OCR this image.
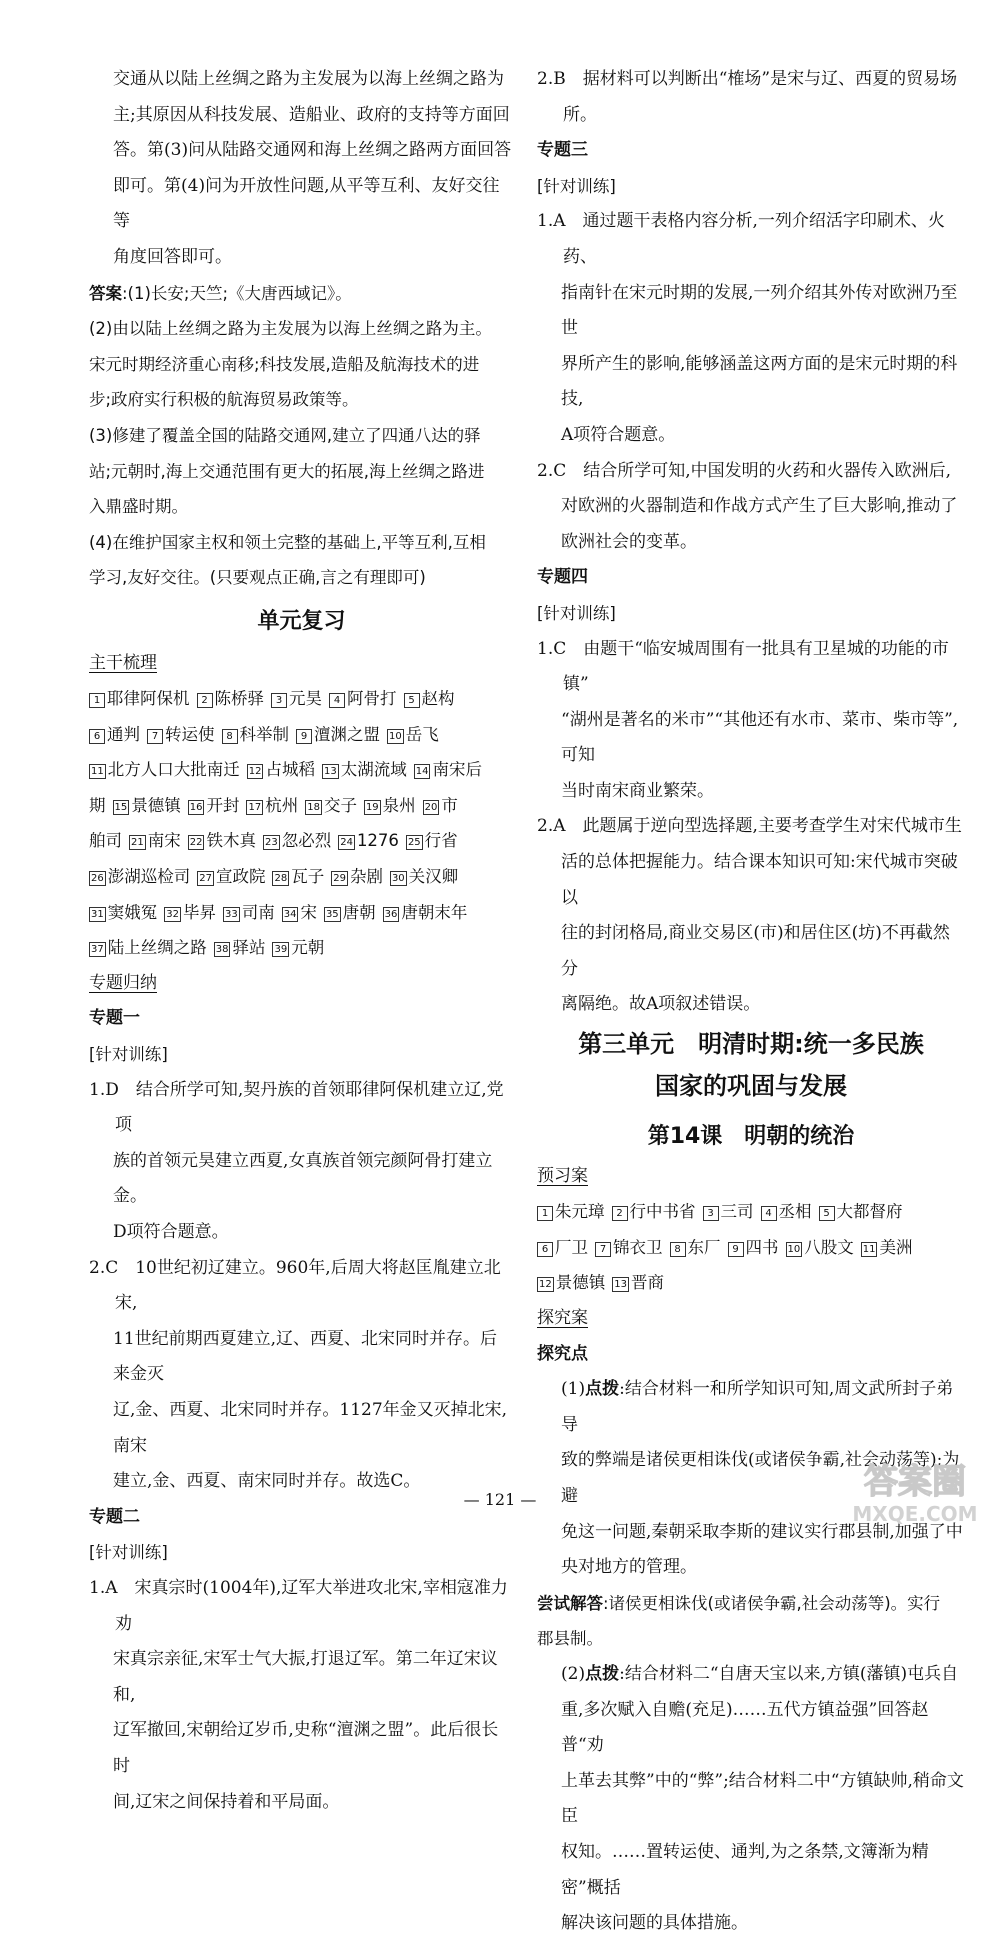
交通从以陆上丝绸之路为主发展为以海上丝绸之路为

主;其原因从科技发展、造船业、政府的支持等方面回

答。第(3)问从陆路交通网和海上丝绸之路两方面回答

即可。第(4)问为开放性问题,从平等互利、友好交往等

角度回答即可。

答案:(1)长安;天竺;《大唐西域记》。

(2)由以陆上丝绸之路为主发展为以海上丝绸之路为主。

宋元时期经济重心南移;科技发展,造船及航海技术的进

步;政府实行积极的航海贸易政策等。

(3)修建了覆盖全国的陆路交通网,建立了四通八达的驿

站;元朝时,海上交通范围有更大的拓展,海上丝绸之路进

入鼎盛时期。

(4)在维护国家主权和领土完整的基础上,平等互利,互相

学习,友好交往。(只要观点正确,言之有理即可)

单元复习

主干梳理

1 耶律阿保机 2 陈桥驿 3 元昊 4 阿骨打 5 赵构

6 通判 7 转运使 8 科举制 9 澶渊之盟 10 岳飞

11 北方人口大批南迁 12 占城稻 13 太湖流域 14 南宋后

期 15 景德镇 16 开封 17 杭州 18 交子 19 泉州 20 市

舶司 21 南宋 22 铁木真 23 忽必烈 24 1276 25 行省

26 澎湖巡检司 27 宣政院 28 瓦子 29 杂剧 30 关汉卿

31 窦娥冤 32 毕昇 33 司南 34 宋 35 唐朝 36 唐朝末年

37 陆上丝绸之路 38 驿站 39 元朝

专题归纳

专题一

[针对训练]

1.D　结合所学可知,契丹族的首领耶律阿保机建立辽,党项

族的首领元昊建立西夏,女真族首领完颜阿骨打建立金。

D项符合题意。

2.C　10世纪初辽建立。960年,后周大将赵匡胤建立北宋,

11世纪前期西夏建立,辽、西夏、北宋同时并存。后来金灭

辽,金、西夏、北宋同时并存。1127年金又灭掉北宋,南宋

建立,金、西夏、南宋同时并存。故选C。

专题二

[针对训练]

1.A　宋真宗时(1004年),辽军大举进攻北宋,宰相寇准力劝

宋真宗亲征,宋军士气大振,打退辽军。第二年辽宋议和,

辽军撤回,宋朝给辽岁币,史称“澶渊之盟”。此后很长时

间,辽宋之间保持着和平局面。

2.B　据材料可以判断出“榷场”是宋与辽、西夏的贸易场所。

专题三

[针对训练]

1.A　通过题干表格内容分析,一列介绍活字印刷术、火药、

指南针在宋元时期的发展,一列介绍其外传对欧洲乃至世

界所产生的影响,能够涵盖这两方面的是宋元时期的科技,

A项符合题意。

2.C　结合所学可知,中国发明的火药和火器传入欧洲后,

对欧洲的火器制造和作战方式产生了巨大影响,推动了

欧洲社会的变革。

专题四

[针对训练]

1.C　由题干“临安城周围有一批具有卫星城的功能的市镇”

“湖州是著名的米市”“其他还有水市、菜市、柴市等”,可知

当时南宋商业繁荣。

2.A　此题属于逆向型选择题,主要考查学生对宋代城市生

活的总体把握能力。结合课本知识可知:宋代城市突破以

往的封闭格局,商业交易区(市)和居住区(坊)不再截然分

离隔绝。故A项叙述错误。

第三单元　明清时期:统一多民族

国家的巩固与发展

第14课　明朝的统治

预习案

1 朱元璋 2 行中书省 3 三司 4 丞相 5 大都督府

6 厂卫 7 锦衣卫 8 东厂 9 四书 10 八股文 11 美洲

12 景德镇 13 晋商

探究案

探究点

(1)点拨:结合材料一和所学知识可知,周文武所封子弟导

致的弊端是诸侯更相诛伐(或诸侯争霸,社会动荡等);为避

免这一问题,秦朝采取李斯的建议实行郡县制,加强了中

央对地方的管理。

尝试解答:诸侯更相诛伐(或诸侯争霸,社会动荡等)。实行

郡县制。

(2)点拨:结合材料二“自唐天宝以来,方镇(藩镇)屯兵自

重,多次赋入自赡(充足)……五代方镇益强”回答赵普“劝

上革去其弊”中的“弊”;结合材料二中“方镇缺帅,稍命文臣

权知。……置转运使、通判,为之条禁,文簿渐为精密”概括

解决该问题的具体措施。

— 121 —	答案圈
MXQE.COM
